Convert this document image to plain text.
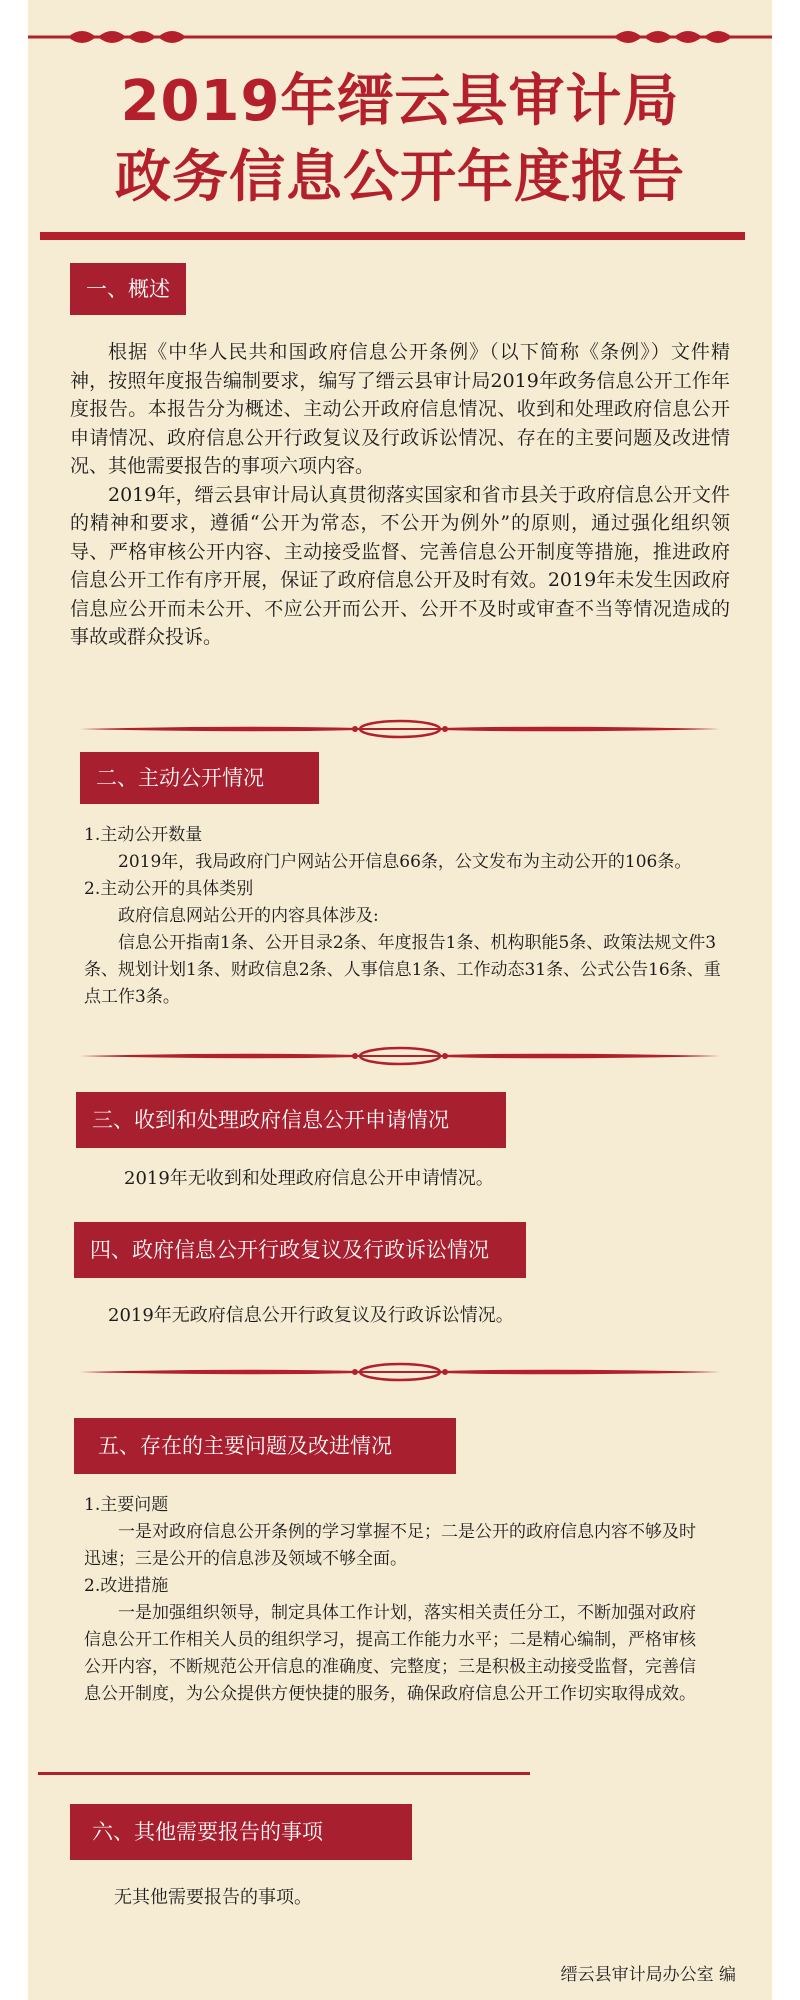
2019年缙云县审计局
政务信息公开年度报告
一、概述

根据《中华人民共和国政府信息公开条例》（以下简称《条例》）文件精神，按照年度报告编制要求，编写了缙云县审计局2019年政务信息公开工作年度报告。本报告分为概述、主动公开政府信息情况、收到和处理政府信息公开申请情况、政府信息公开行政复议及行政诉讼情况、存在的主要问题及改进情况、其他需要报告的事项六项内容。

2019年，缙云县审计局认真贯彻落实国家和省市县关于政府信息公开文件的精神和要求，遵循“公开为常态，不公开为例外”的原则，通过强化组织领导、严格审核公开内容、主动接受监督、完善信息公开制度等措施，推进政府信息公开工作有序开展，保证了政府信息公开及时有效。2019年未发生因政府信息应公开而未公开、不应公开而公开、公开不及时或审查不当等情况造成的事故或群众投诉。

二、主动公开情况

1.主动公开数量

2019年，我局政府门户网站公开信息66条，公文发布为主动公开的106条。

2.主动公开的具体类别

政府信息网站公开的内容具体涉及:

信息公开指南1条、公开目录2条、年度报告1条、机构职能5条、政策法规文件3条、规划计划1条、财政信息2条、人事信息1条、工作动态31条、公式公告16条、重点工作3条。

三、收到和处理政府信息公开申请情况
2019年无收到和处理政府信息公开申请情况。
四、政府信息公开行政复议及行政诉讼情况
2019年无政府信息公开行政复议及行政诉讼情况。
五、存在的主要问题及改进情况

1.主要问题

一是对政府信息公开条例的学习掌握不足；二是公开的政府信息内容不够及时迅速；三是公开的信息涉及领域不够全面。

2.改进措施

一是加强组织领导，制定具体工作计划，落实相关责任分工，不断加强对政府信息公开工作相关人员的组织学习，提高工作能力水平；二是精心编制，严格审核公开内容，不断规范公开信息的准确度、完整度；三是积极主动接受监督，完善信息公开制度，为公众提供方便快捷的服务，确保政府信息公开工作切实取得成效。

六、其他需要报告的事项
无其他需要报告的事项。
缙云县审计局办公室 编
